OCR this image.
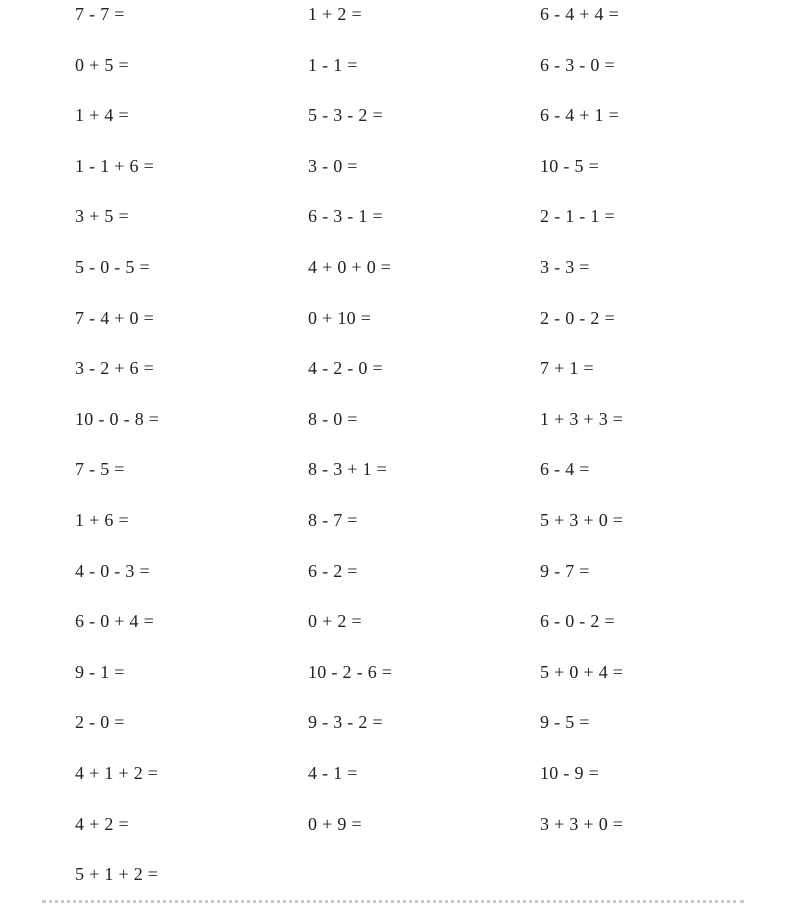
7 - 7 =
0 + 5 =
1 + 4 =
1 - 1 + 6 =
3 + 5 =
5 - 0 - 5 =
7 - 4 + 0 =
3 - 2 + 6 =
10 - 0 - 8 =
7 - 5 =
1 + 6 =
4 - 0 - 3 =
6 - 0 + 4 =
9 - 1 =
2 - 0 =
4 + 1 + 2 =
4 + 2 =
5 + 1 + 2 =
1 + 2 =
1 - 1 =
5 - 3 - 2 =
3 - 0 =
6 - 3 - 1 =
4 + 0 + 0 =
0 + 10 =
4 - 2 - 0 =
8 - 0 =
8 - 3 + 1 =
8 - 7 =
6 - 2 =
0 + 2 =
10 - 2 - 6 =
9 - 3 - 2 =
4 - 1 =
0 + 9 =
6 - 4 + 4 =
6 - 3 - 0 =
6 - 4 + 1 =
10 - 5 =
2 - 1 - 1 =
3 - 3 =
2 - 0 - 2 =
7 + 1 =
1 + 3 + 3 =
6 - 4 =
5 + 3 + 0 =
9 - 7 =
6 - 0 - 2 =
5 + 0 + 4 =
9 - 5 =
10 - 9 =
3 + 3 + 0 =
